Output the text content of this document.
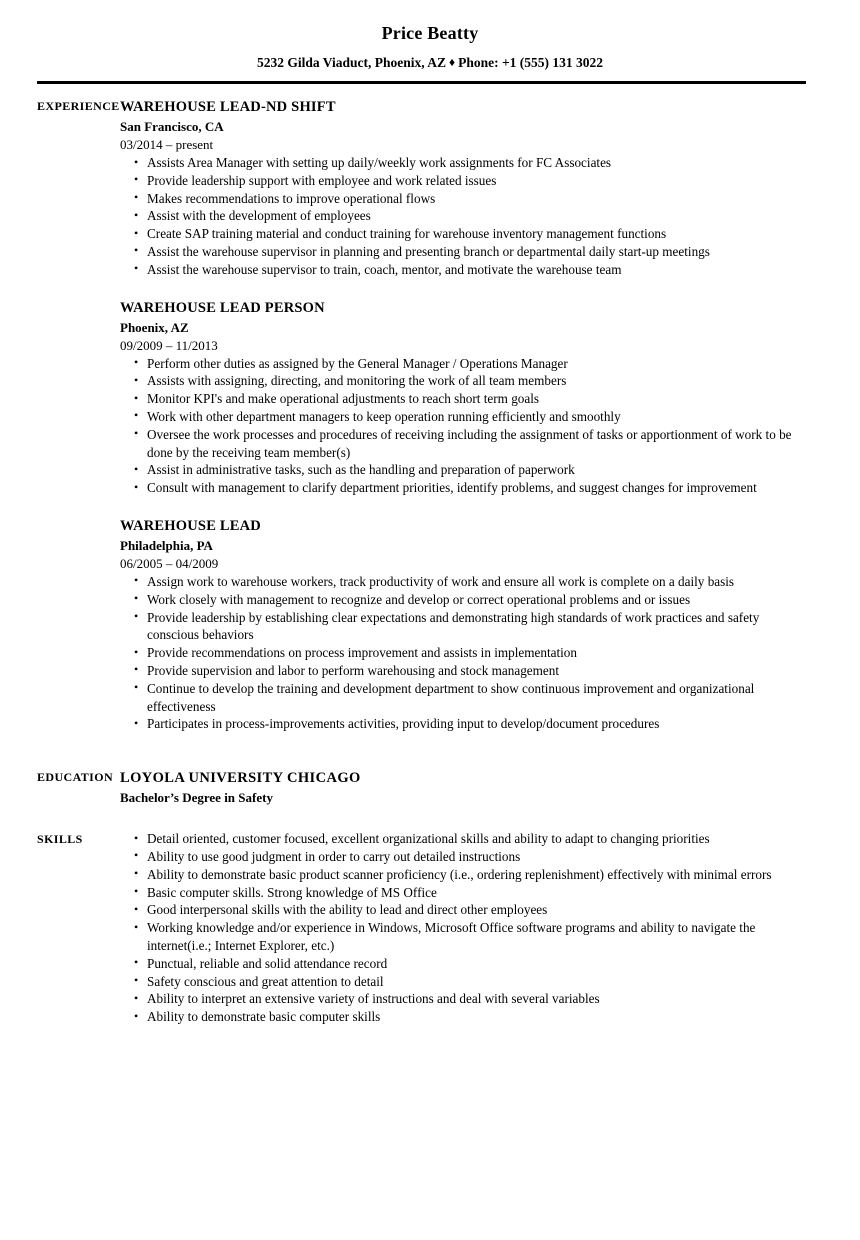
Price Beatty
5232 Gilda Viaduct, Phoenix, AZ ♦ Phone: +1 (555) 131 3022
EXPERIENCE WAREHOUSE LEAD-ND SHIFT
San Francisco, CA
03/2014 – present
• Assists Area Manager with setting up daily/weekly work assignments for FC Associates
• Provide leadership support with employee and work related issues
• Makes recommendations to improve operational flows
• Assist with the development of employees
• Create SAP training material and conduct training for warehouse inventory management functions
• Assist the warehouse supervisor in planning and presenting branch or departmental daily start-up meetings
• Assist the warehouse supervisor to train, coach, mentor, and motivate the warehouse team
WAREHOUSE LEAD PERSON
Phoenix, AZ
09/2009 – 11/2013
• Perform other duties as assigned by the General Manager / Operations Manager
• Assists with assigning, directing, and monitoring the work of all team members
• Monitor KPI's and make operational adjustments to reach short term goals
• Work with other department managers to keep operation running efficiently and smoothly
• Oversee the work processes and procedures of receiving including the assignment of tasks or apportionment of work to be done by the receiving team member(s)
• Assist in administrative tasks, such as the handling and preparation of paperwork
• Consult with management to clarify department priorities, identify problems, and suggest changes for improvement
WAREHOUSE LEAD
Philadelphia, PA
06/2005 – 04/2009
• Assign work to warehouse workers, track productivity of work and ensure all work is complete on a daily basis
• Work closely with management to recognize and develop or correct operational problems and or issues
• Provide leadership by establishing clear expectations and demonstrating high standards of work practices and safety conscious behaviors
• Provide recommendations on process improvement and assists in implementation
• Provide supervision and labor to perform warehousing and stock management
• Continue to develop the training and development department to show continuous improvement and organizational effectiveness
• Participates in process-improvements activities, providing input to develop/document procedures
EDUCATION LOYOLA UNIVERSITY CHICAGO
Bachelor’s Degree in Safety
SKILLS	• Detail oriented, customer focused, excellent organizational skills and ability to adapt to changing priorities
• Ability to use good judgment in order to carry out detailed instructions
• Ability to demonstrate basic product scanner proficiency (i.e., ordering replenishment) effectively with minimal errors
• Basic computer skills. Strong knowledge of MS Office
• Good interpersonal skills with the ability to lead and direct other employees
• Working knowledge and/or experience in Windows, Microsoft Office software programs and ability to navigate the internet(i.e.; Internet Explorer, etc.)
• Punctual, reliable and solid attendance record
• Safety conscious and great attention to detail
• Ability to interpret an extensive variety of instructions and deal with several variables
• Ability to demonstrate basic computer skills
